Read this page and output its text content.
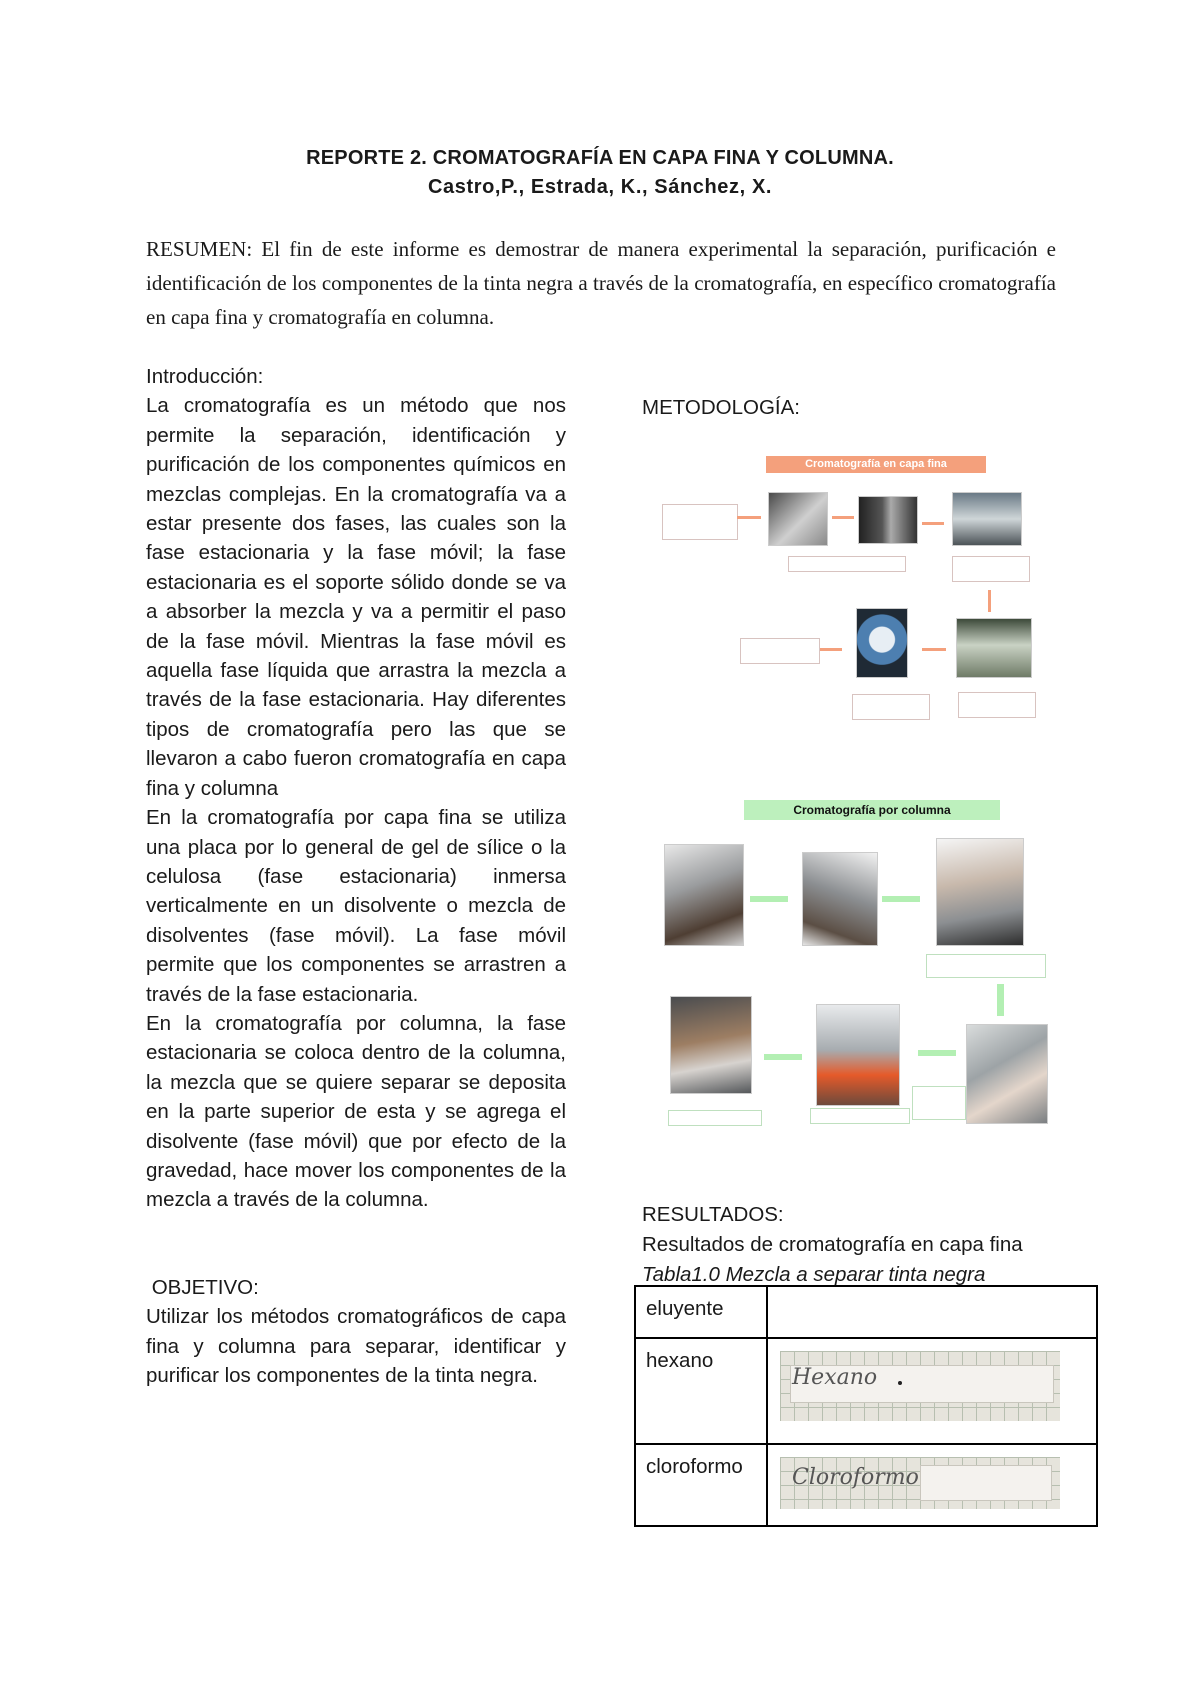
REPORTE 2. CROMATOGRAFÍA EN CAPA FINA Y COLUMNA.

Castro,P., Estrada, K., Sánchez, X.

RESUMEN: El fin de este informe es demostrar de manera experimental la separación, purificación e identificación de los componentes de la tinta negra a través de la cromatografía, en específico cromatografía en capa fina y cromatografía en columna.

Introducción:

La cromatografía es un método que nos permite la separación, identificación y purificación de los componentes químicos en mezclas complejas. En la cromatografía va a estar presente dos fases, las cuales son la fase estacionaria y la fase móvil; la fase estacionaria es el soporte sólido donde se va a absorber la mezcla y va a permitir el paso de la fase móvil. Mientras la fase móvil es aquella fase líquida que arrastra la mezcla a través de la fase estacionaria. Hay diferentes tipos de cromatografía pero las que se llevaron a cabo fueron cromatografía en capa fina y columna

En la cromatografía por capa fina se utiliza una placa por lo general de gel de sílice o la celulosa (fase estacionaria) inmersa verticalmente en un disolvente o mezcla de disolventes (fase móvil). La fase móvil permite que los componentes se arrastren a través de la fase estacionaria.

En la cromatografía por columna, la fase estacionaria se coloca dentro de la columna, la mezcla que se quiere separar se deposita en la parte superior de esta y se agrega el disolvente (fase móvil) que por efecto de la gravedad, hace mover los componentes de la mezcla a través de la columna.

OBJETIVO:

Utilizar los métodos cromatográficos de capa fina y columna para separar, identificar y purificar los componentes de la tinta negra.

METODOLOGÍA:

Cromatografía en capa fina
Cromatografía por columna

RESULTADOS:

Resultados de cromatografía en capa fina

Tabla1.0 Mezcla a separar tinta negra

eluyente	
hexano	Hexano

cloroformo	Cloroformo
